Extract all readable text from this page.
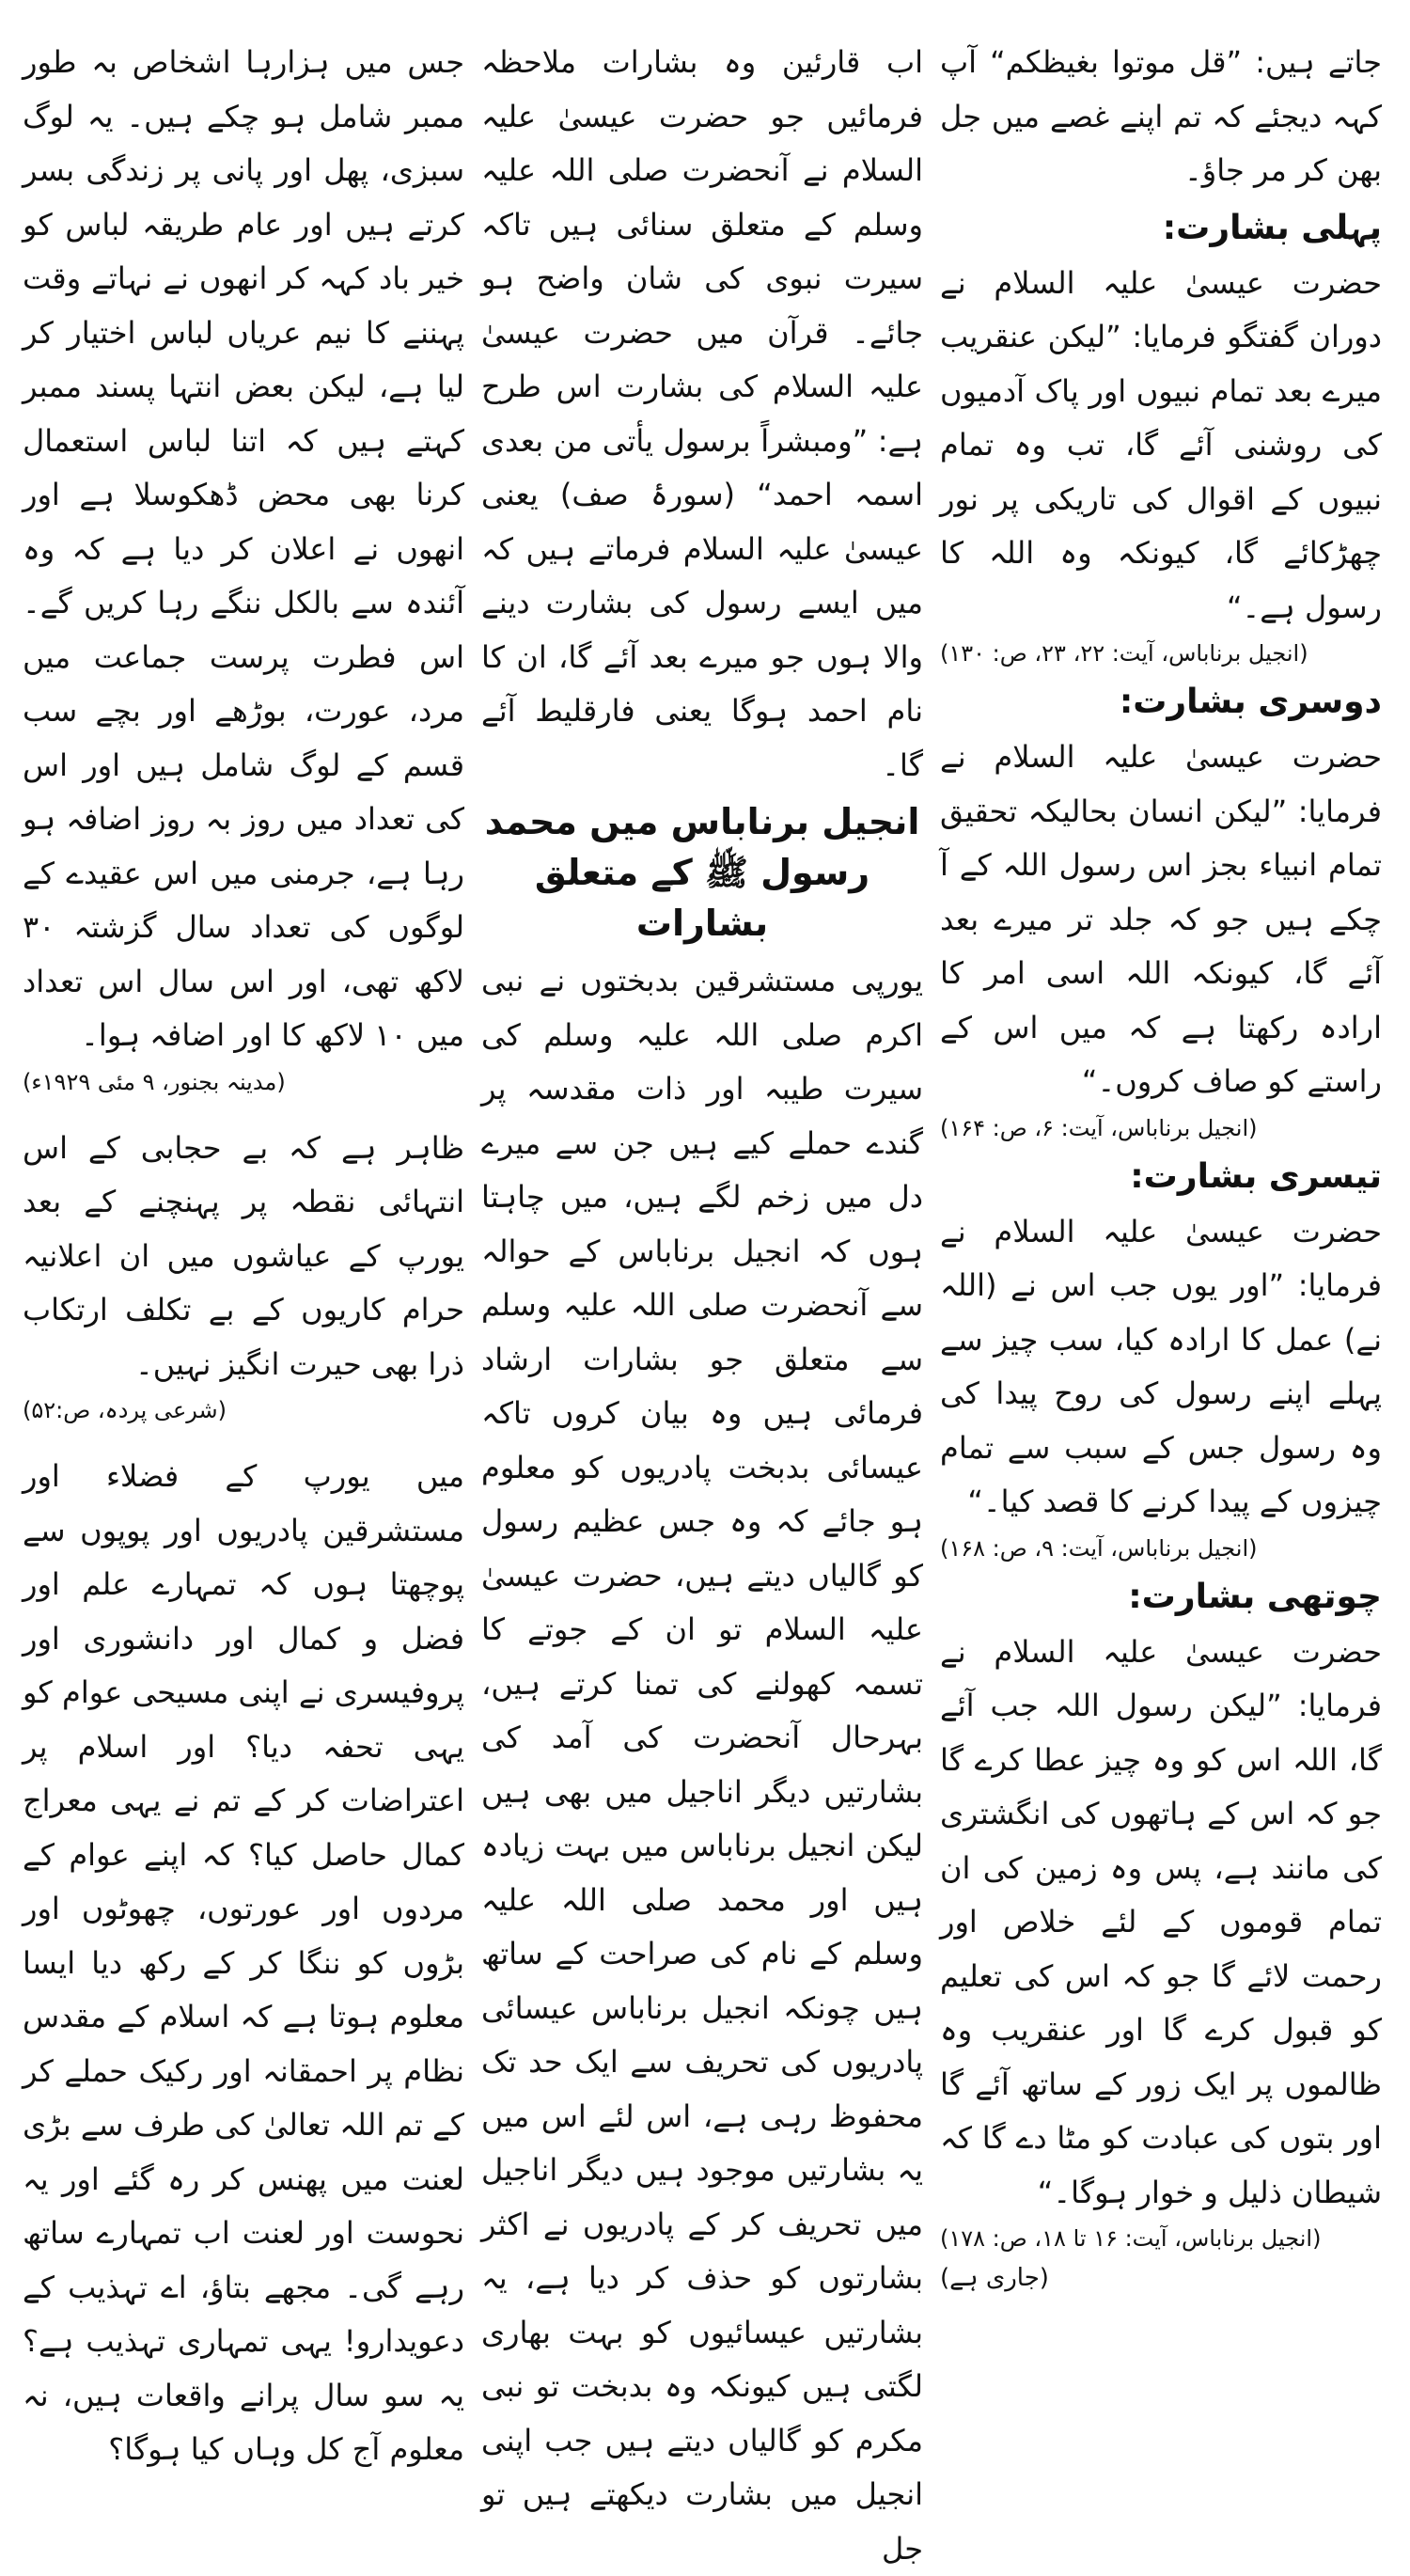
جس میں ہزارہا اشخاص بہ طور ممبر شامل ہو چکے ہیں۔ یہ لوگ سبزی، پھل اور پانی پر زندگی بسر کرتے ہیں اور عام طریقہ لباس کو خیر باد کہہ کر انھوں نے نہاتے وقت پہننے کا نیم عریاں لباس اختیار کر لیا ہے، لیکن بعض انتہا پسند ممبر کہتے ہیں کہ اتنا لباس استعمال کرنا بھی محض ڈھکوسلا ہے اور انھوں نے اعلان کر دیا ہے کہ وہ آئندہ سے بالکل ننگے رہا کریں گے۔ اس فطرت پرست جماعت میں مرد، عورت، بوڑھے اور بچے سب قسم کے لوگ شامل ہیں اور اس کی تعداد میں روز بہ روز اضافہ ہو رہا ہے، جرمنی میں اس عقیدے کے لوگوں کی تعداد سال گزشتہ ۳۰ لاکھ تھی، اور اس سال اس تعداد میں ۱۰ لاکھ کا اور اضافہ ہوا۔

(مدینہ بجنور، ۹ مئی ۱۹۲۹ء)

ظاہر ہے کہ بے حجابی کے اس انتہائی نقطہ پر پہنچنے کے بعد یورپ کے عیاشوں میں ان اعلانیہ حرام کاریوں کے بے تکلف ارتکاب ذرا بھی حیرت انگیز نہیں۔

(شرعی پردہ، ص:۵۲)

میں یورپ کے فضلاء اور مستشرقین پادریوں اور پوپوں سے پوچھتا ہوں کہ تمہارے علم اور فضل و کمال اور دانشوری اور پروفیسری نے اپنی مسیحی عوام کو یہی تحفہ دیا؟ اور اسلام پر اعتراضات کر کے تم نے یہی معراج کمال حاصل کیا؟ کہ اپنے عوام کے مردوں اور عورتوں، چھوٹوں اور بڑوں کو ننگا کر کے رکھ دیا ایسا معلوم ہوتا ہے کہ اسلام کے مقدس نظام پر احمقانہ اور رکیک حملے کر کے تم اللہ تعالیٰ کی طرف سے بڑی لعنت میں پھنس کر رہ گئے اور یہ نحوست اور لعنت اب تمہارے ساتھ رہے گی۔ مجھے بتاؤ، اے تہذیب کے دعویدارو! یہی تمہاری تہذیب ہے؟ یہ سو سال پرانے واقعات ہیں، نہ معلوم آج کل وہاں کیا ہوگا؟

اب قارئین وہ بشارات ملاحظہ فرمائیں جو حضرت عیسیٰ علیہ السلام نے آنحضرت صلی اللہ علیہ وسلم کے متعلق سنائی ہیں تاکہ سیرت نبوی کی شان واضح ہو جائے۔ قرآن میں حضرت عیسیٰ علیہ السلام کی بشارت اس طرح ہے: ”ومبشراً برسول یأتی من بعدی اسمہ احمد“ (سورۂ صف) یعنی عیسیٰ علیہ السلام فرماتے ہیں کہ میں ایسے رسول کی بشارت دینے والا ہوں جو میرے بعد آئے گا، ان کا نام احمد ہوگا یعنی فارقلیط آئے گا۔

انجیل برناباس میں محمد رسول ﷺ کے متعلق بشارات

یورپی مستشرقین بدبختوں نے نبی اکرم صلی اللہ علیہ وسلم کی سیرت طیبہ اور ذات مقدسہ پر گندے حملے کیے ہیں جن سے میرے دل میں زخم لگے ہیں، میں چاہتا ہوں کہ انجیل برناباس کے حوالہ سے آنحضرت صلی اللہ علیہ وسلم سے متعلق جو بشارات ارشاد فرمائی ہیں وہ بیان کروں تاکہ عیسائی بدبخت پادریوں کو معلوم ہو جائے کہ وہ جس عظیم رسول کو گالیاں دیتے ہیں، حضرت عیسیٰ علیہ السلام تو ان کے جوتے کا تسمہ کھولنے کی تمنا کرتے ہیں، بہرحال آنحضرت کی آمد کی بشارتیں دیگر اناجیل میں بھی ہیں لیکن انجیل برناباس میں بہت زیادہ ہیں اور محمد صلی اللہ علیہ وسلم کے نام کی صراحت کے ساتھ ہیں چونکہ انجیل برناباس عیسائی پادریوں کی تحریف سے ایک حد تک محفوظ رہی ہے، اس لئے اس میں یہ بشارتیں موجود ہیں دیگر اناجیل میں تحریف کر کے پادریوں نے اکثر بشارتوں کو حذف کر دیا ہے، یہ بشارتیں عیسائیوں کو بہت بھاری لگتی ہیں کیونکہ وہ بدبخت تو نبی مکرم کو گالیاں دیتے ہیں جب اپنی انجیل میں بشارت دیکھتے ہیں تو جل

جاتے ہیں: ”قل موتوا بغیظکم“ آپ کہہ دیجئے کہ تم اپنے غصے میں جل بھن کر مر جاؤ۔

پہلی بشارت:

حضرت عیسیٰ علیہ السلام نے دوران گفتگو فرمایا: ”لیکن عنقریب میرے بعد تمام نبیوں اور پاک آدمیوں کی روشنی آئے گا، تب وہ تمام نبیوں کے اقوال کی تاریکی پر نور چھڑکائے گا، کیونکہ وہ اللہ کا رسول ہے۔“

(انجیل برناباس، آیت: ۲۲، ۲۳، ص: ۱۳۰)

دوسری بشارت:

حضرت عیسیٰ علیہ السلام نے فرمایا: ”لیکن انسان بحالیکہ تحقیق تمام انبیاء بجز اس رسول اللہ کے آ چکے ہیں جو کہ جلد تر میرے بعد آئے گا، کیونکہ اللہ اسی امر کا ارادہ رکھتا ہے کہ میں اس کے راستے کو صاف کروں۔“

(انجیل برناباس، آیت: ۶، ص: ۱۶۴)

تیسری بشارت:

حضرت عیسیٰ علیہ السلام نے فرمایا: ”اور یوں جب اس نے (اللہ نے) عمل کا ارادہ کیا، سب چیز سے پہلے اپنے رسول کی روح پیدا کی وہ رسول جس کے سبب سے تمام چیزوں کے پیدا کرنے کا قصد کیا۔“

(انجیل برناباس، آیت: ۹، ص: ۱۶۸)

چوتھی بشارت:

حضرت عیسیٰ علیہ السلام نے فرمایا: ”لیکن رسول اللہ جب آئے گا، اللہ اس کو وہ چیز عطا کرے گا جو کہ اس کے ہاتھوں کی انگشتری کی مانند ہے، پس وہ زمین کی ان تمام قوموں کے لئے خلاص اور رحمت لائے گا جو کہ اس کی تعلیم کو قبول کرے گا اور عنقریب وہ ظالموں پر ایک زور کے ساتھ آئے گا اور بتوں کی عبادت کو مٹا دے گا کہ شیطان ذلیل و خوار ہوگا۔“

(انجیل برناباس، آیت: ۱۶ تا ۱۸، ص: ۱۷۸)

(جاری ہے)
